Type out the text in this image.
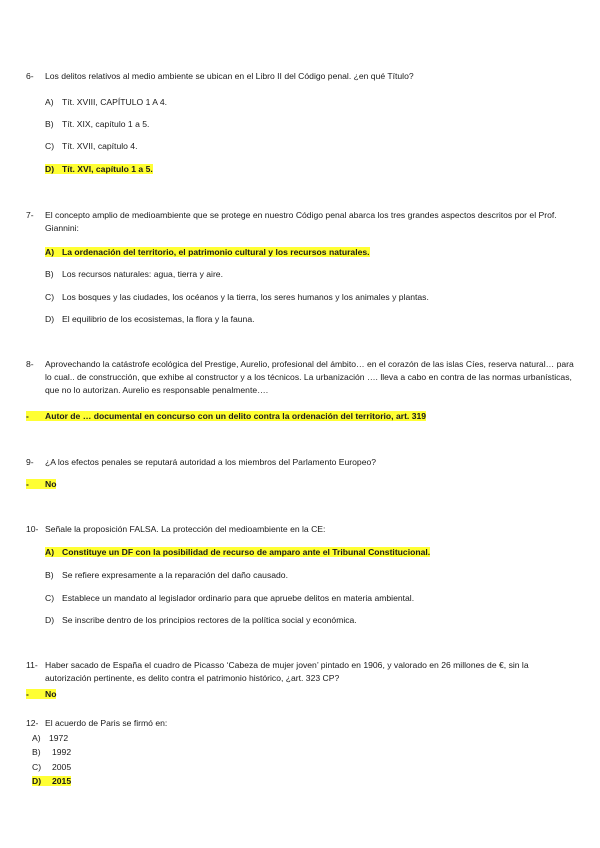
6- Los delitos relativos al medio ambiente se ubican en el Libro II del Código penal. ¿en qué Título?
A) Tít. XVIII, CAPÍTULO 1 A 4.
B) Tít. XIX, capítulo 1 a 5.
C) Tít. XVII, capítulo 4.
D) Tít. XVI, capítulo 1 a 5.
7- El concepto amplio de medioambiente que se protege en nuestro Código penal abarca los tres grandes aspectos descritos por el Prof. Giannini:
A) La ordenación del territorio, el patrimonio cultural y los recursos naturales.
B) Los recursos naturales: agua, tierra y aire.
C) Los bosques y las ciudades, los océanos y la tierra, los seres humanos y los animales y plantas.
D) El equilibrio de los ecosistemas, la flora y la fauna.
8- Aprovechando la catástrofe ecológica del Prestige, Aurelio, profesional del ámbito… en el corazón de las islas Cíes, reserva natural… para lo cual.. de construcción, que exhibe al constructor y a los técnicos. La urbanización …. lleva a cabo en contra de las normas urbanísticas, que no lo autorizan. Aurelio es responsable penalmente….
- Autor de … documental en concurso con un delito contra la ordenación del territorio, art. 319
9- ¿A los efectos penales se reputará autoridad a los miembros del Parlamento Europeo?
- No
10- Señale la proposición FALSA. La protección del medioambiente en la CE:
A) Constituye un DF con la posibilidad de recurso de amparo ante el Tribunal Constitucional.
B) Se refiere expresamente a la reparación del daño causado.
C) Establece un mandato al legislador ordinario para que apruebe delitos en materia ambiental.
D) Se inscribe dentro de los principios rectores de la política social y económica.
11- Haber sacado de España el cuadro de Picasso ‘Cabeza de mujer joven’ pintado en 1906, y valorado en 26 millones de €, sin la autorización pertinente, es delito contra el patrimonio histórico, ¿art. 323 CP?
- No
12- El acuerdo de Paris se firmó en:
A) 1972
B) 1992
C) 2005
D) 2015
